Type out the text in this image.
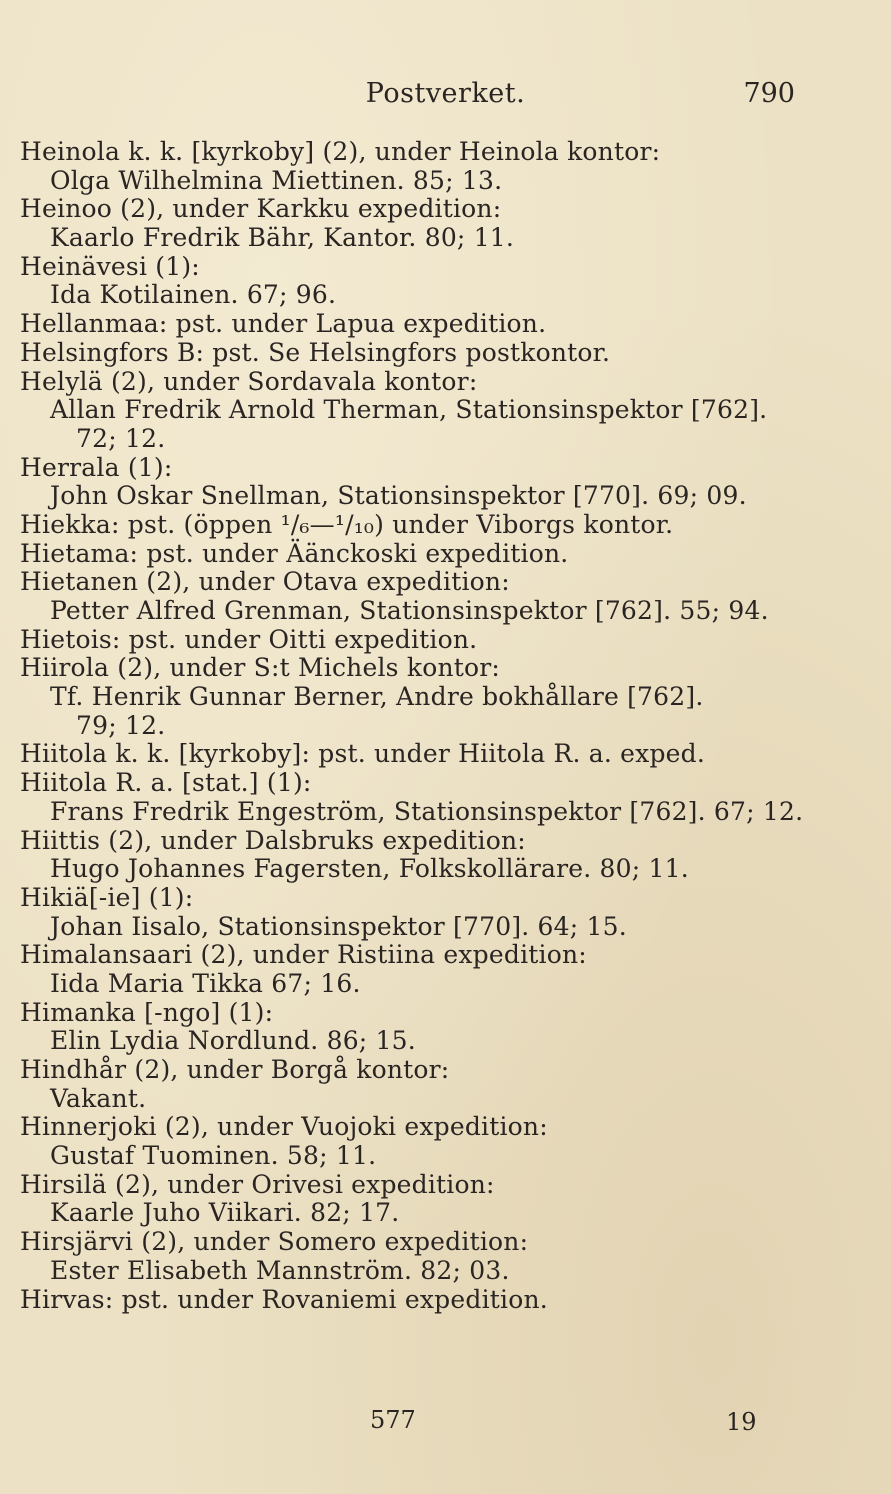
Postverket.	790
Heinola k. k. [kyrkoby] (2), under Heinola kontor:
Olga Wilhelmina Miettinen. 85; 13.
Heinoo (2), under Karkku expedition:
Kaarlo Fredrik Bähr, Kantor. 80; 11.
Heinävesi (1):
Ida Kotilainen. 67; 96.
Hellanmaa: pst. under Lapua expedition.
Helsingfors B: pst. Se Helsingfors postkontor.
Helylä (2), under Sordavala kontor:
Allan Fredrik Arnold Therman, Stationsinspektor [762].
72; 12.
Herrala (1):
John Oskar Snellman, Stationsinspektor [770]. 69; 09.
Hiekka: pst. (öppen ¹/₆—¹/₁₀) under Viborgs kontor.
Hietama: pst. under Äänckoski expedition.
Hietanen (2), under Otava expedition:
Petter Alfred Grenman, Stationsinspektor [762]. 55; 94.
Hietois: pst. under Oitti expedition.
Hiirola (2), under S:t Michels kontor:
Tf. Henrik Gunnar Berner, Andre bokhållare [762].
79; 12.
Hiitola k. k. [kyrkoby]: pst. under Hiitola R. a. exped.
Hiitola R. a. [stat.] (1):
Frans Fredrik Engeström, Stationsinspektor [762]. 67; 12.
Hiittis (2), under Dalsbruks expedition:
Hugo Johannes Fagersten, Folkskollärare. 80; 11.
Hikiä[-ie] (1):
Johan Iisalo, Stationsinspektor [770]. 64; 15.
Himalansaari (2), under Ristiina expedition:
Iida Maria Tikka 67; 16.
Himanka [-ngo] (1):
Elin Lydia Nordlund. 86; 15.
Hindhår (2), under Borgå kontor:
Vakant.
Hinnerjoki (2), under Vuojoki expedition:
Gustaf Tuominen. 58; 11.
Hirsilä (2), under Orivesi expedition:
Kaarle Juho Viikari. 82; 17.
Hirsjärvi (2), under Somero expedition:
Ester Elisabeth Mannström. 82; 03.
Hirvas: pst. under Rovaniemi expedition.
577	19
